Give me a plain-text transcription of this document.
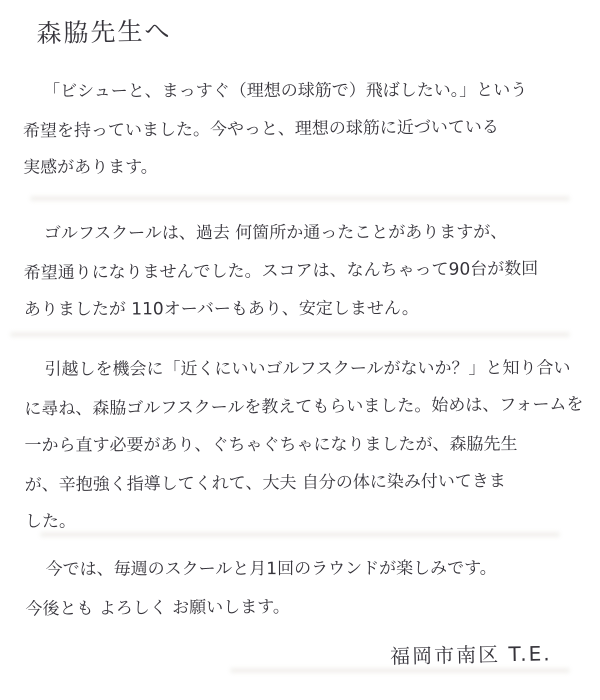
森脇先生へ

「ビシューと、まっすぐ（理想の球筋で）飛ばしたい。」という
希望を持っていました。今やっと、理想の球筋に近づいている
実感があります。

ゴルフスクールは、過去 何箇所か通ったことがありますが、
希望通りになりませんでした。スコアは、なんちゃって90台が数回
ありましたが 110オーバーもあり、安定しません。

引越しを機会に「近くにいいゴルフスクールがないか？」と知り合い
に尋ね、森脇ゴルフスクールを教えてもらいました。始めは、フォームを
一から直す必要があり、ぐちゃぐちゃになりましたが、森脇先生
が、辛抱強く指導してくれて、大夫 自分の体に染み付いてきま
した。

今では、毎週のスクールと月1回のラウンドが楽しみです。
今後とも よろしく お願いします。

福岡市南区 T.E.
